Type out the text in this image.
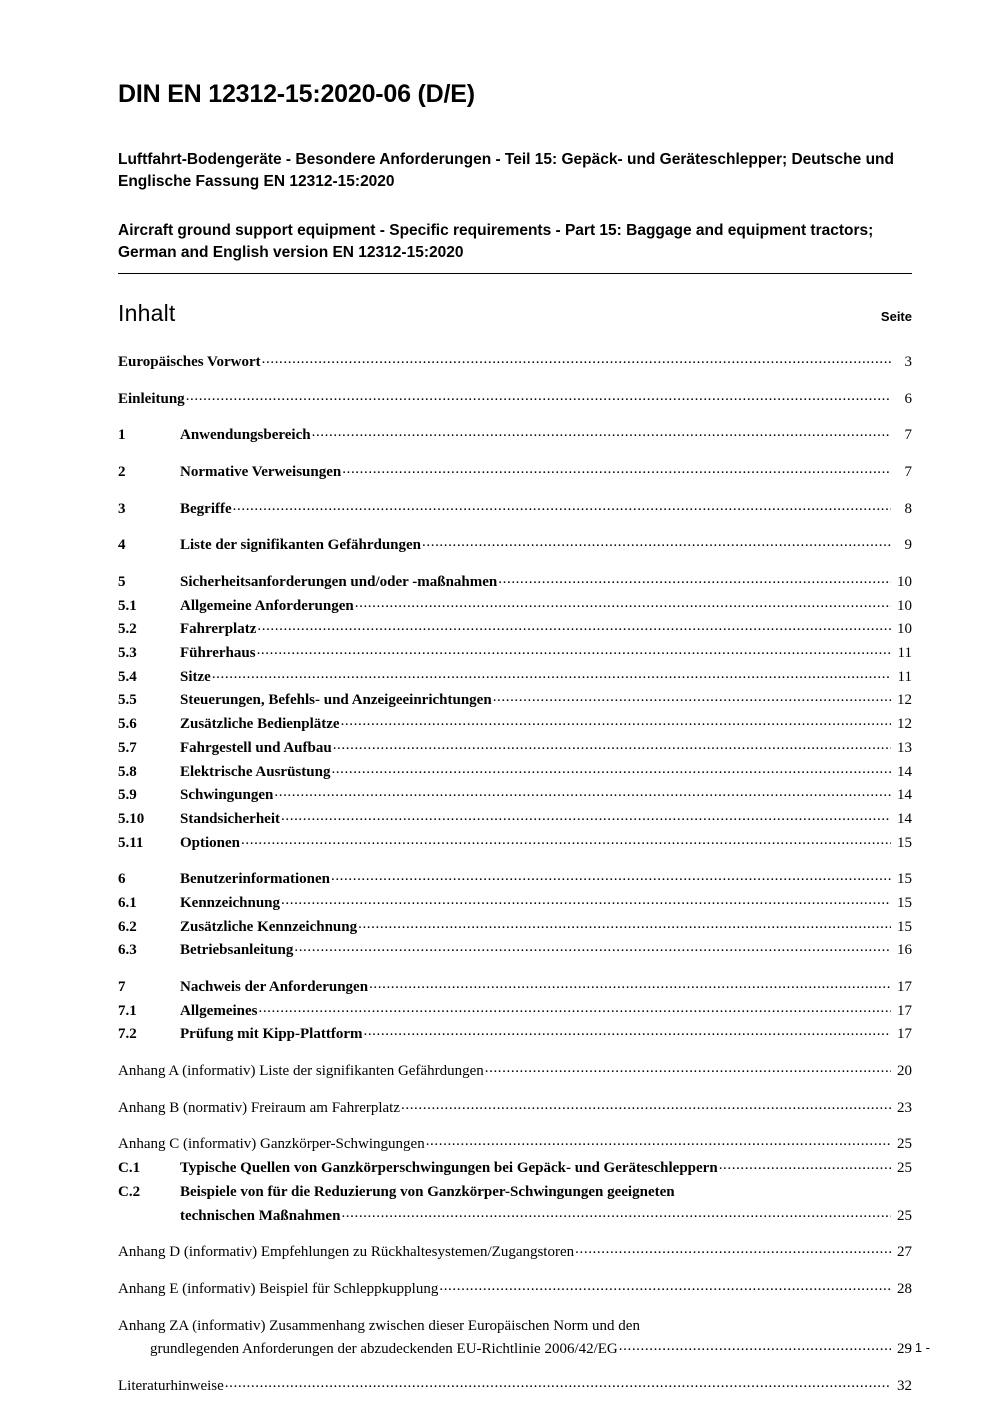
DIN EN 12312-15:2020-06 (D/E)

Luftfahrt-Bodengeräte - Besondere Anforderungen - Teil 15: Gepäck- und Geräteschlepper; Deutsche und Englische Fassung EN 12312-15:2020

Aircraft ground support equipment - Specific requirements - Part 15: Baggage and equipment tractors; German and English version EN 12312-15:2020

Inhalt	Seite
Europäisches Vorwort .....	3
Einleitung .....	6
1	Anwendungsbereich .....	7
2	Normative Verweisungen .....	7
3	Begriffe .....	8
4	Liste der signifikanten Gefährdungen .....	9
5	Sicherheitsanforderungen und/oder -maßnahmen .....	10
5.1	Allgemeine Anforderungen .....	10
5.2	Fahrerplatz .....	10
5.3	Führerhaus .....	11
5.4	Sitze .....	11
5.5	Steuerungen, Befehls- und Anzeigeeinrichtungen .....	12
5.6	Zusätzliche Bedienplätze .....	12
5.7	Fahrgestell und Aufbau .....	13
5.8	Elektrische Ausrüstung .....	14
5.9	Schwingungen .....	14
5.10	Standsicherheit .....	14
5.11	Optionen .....	15
6	Benutzerinformationen .....	15
6.1	Kennzeichnung .....	15
6.2	Zusätzliche Kennzeichnung .....	15
6.3	Betriebsanleitung .....	16
7	Nachweis der Anforderungen .....	17
7.1	Allgemeines .....	17
7.2	Prüfung mit Kipp-Plattform .....	17
Anhang A (informativ) Liste der signifikanten Gefährdungen .....	20
Anhang B (normativ) Freiraum am Fahrerplatz .....	23
Anhang C (informativ) Ganzkörper-Schwingungen .....	25
C.1	Typische Quellen von Ganzkörperschwingungen bei Gepäck- und Geräteschleppern .....	25
C.2	Beispiele von für die Reduzierung von Ganzkörper-Schwingungen geeigneten
technischen Maßnahmen .....	25
Anhang D (informativ) Empfehlungen zu Rückhaltesystemen/Zugangstoren .....	27
Anhang E (informativ) Beispiel für Schleppkupplung .....	28
Anhang ZA (informativ) Zusammenhang zwischen dieser Europäischen Norm und den
grundlegenden Anforderungen der abzudeckenden EU-Richtlinie 2006/42/EG .....	29
Literaturhinweise .....	32
- 1 -
